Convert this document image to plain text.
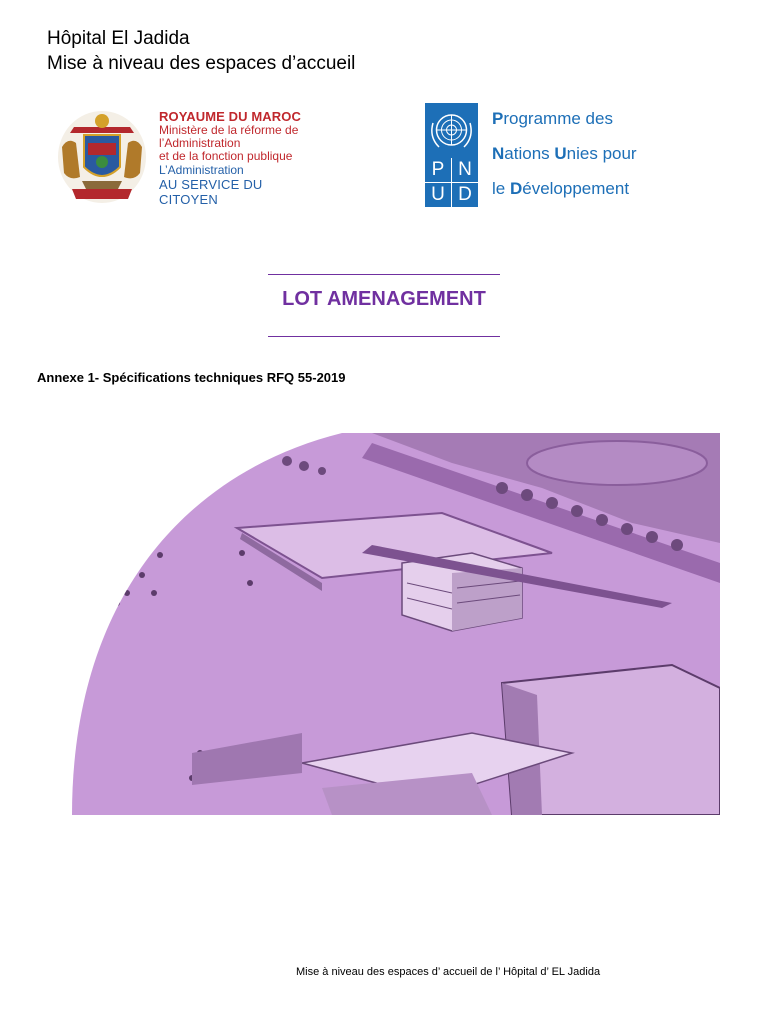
Hôpital El Jadida
Mise à niveau des espaces d’accueil
ROYAUME DU MAROC
Ministère de la réforme de
l’Administration
et de la fonction publique
L’Administration
AU SERVICE DU CITOYEN
P N
U D
Programme des
Nations Unies pour
le Développement
LOT AMENAGEMENT
Annexe 1- Spécifications techniques RFQ 55-2019
Mise à niveau des espaces d’ accueil de l’ Hôpital d’ EL Jadida
